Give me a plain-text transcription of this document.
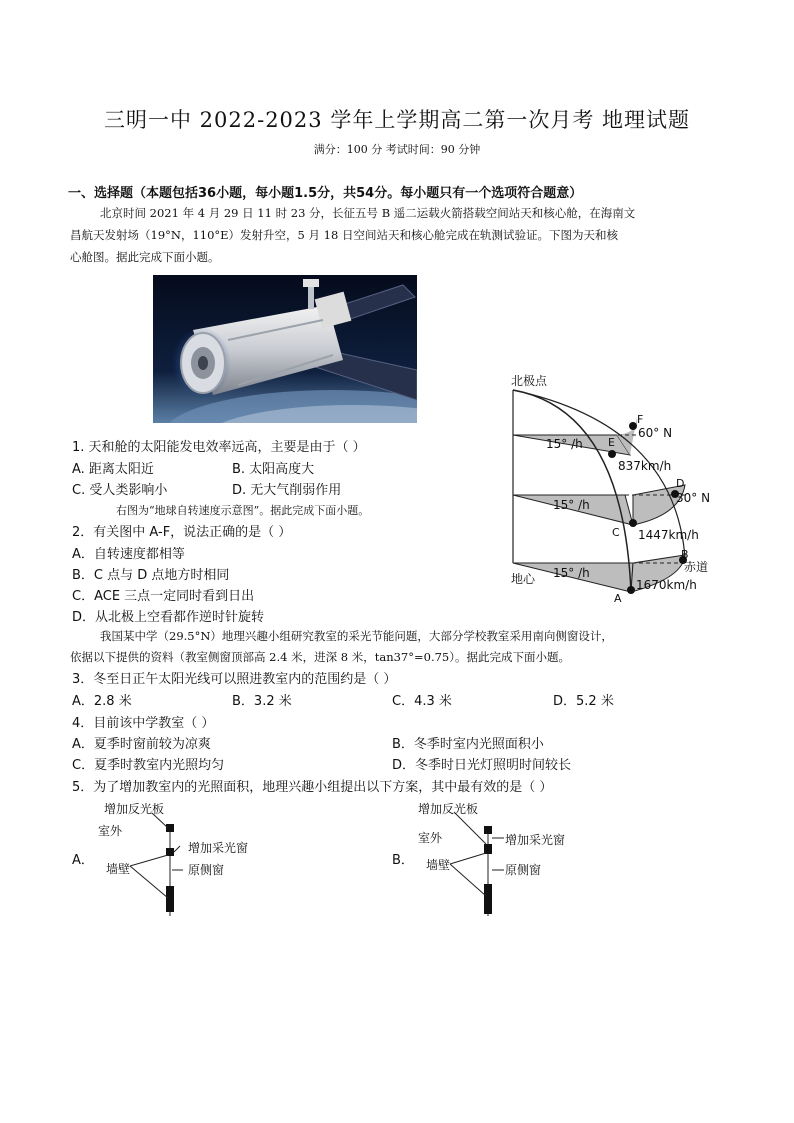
三明一中 2022-2023 学年上学期高二第一次月考 地理试题
满分：100 分 考试时间：90 分钟
一、选择题（本题包括36小题，每小题1.5分，共54分。每小题只有一个选项符合题意）
北京时间 2021 年 4 月 29 日 11 时 23 分，长征五号 B 遥二运载火箭搭载空间站天和核心舱，在海南文
昌航天发射场（19°N，110°E）发射升空，5 月 18 日空间站天和核心舱完成在轨测试验证。下图为天和核
心舱图。据此完成下面小题。
1. 天和舱的太阳能发电效率远高，主要是由于（ ）
A. 距离太阳近	B. 太阳高度大
C. 受人类影响小	D. 无大气削弱作用
右图为“地球自转速度示意图”。据此完成下面小题。
2．有关图中 A-F，说法正确的是（ ）
A．自转速度都相等
B．C 点与 D 点地方时相同
C．ACE 三点一定同时看到日出
D．从北极上空看都作逆时针旋转
北极点
地心
赤道
60° N
30° N
15° /h
15° /h
15° /h
837km/h
1447km/h
1670km/h
E
F
C
D
A
B
我国某中学（29.5°N）地理兴趣小组研究教室的采光节能问题，大部分学校教室采用南向侧窗设计，
依据以下提供的资料（教室侧窗顶部高 2.4 米，进深 8 米，tan37°=0.75）。据此完成下面小题。
3．冬至日正午太阳光线可以照进教室内的范围约是（ ）
A．2.8 米	B．3.2 米	C．4.3 米	D．5.2 米
4．目前该中学教室（ ）
A．夏季时窗前较为凉爽	B．冬季时室内光照面积小
C．夏季时教室内光照均匀	D．冬季时日光灯照明时间较长
5．为了增加教室内的光照面积，地理兴趣小组提出以下方案，其中最有效的是（ ）
A．
增加反光板
室外
增加采光窗
墙壁	原侧窗
B．
增加反光板
室外	增加采光窗
墙壁	原侧窗
